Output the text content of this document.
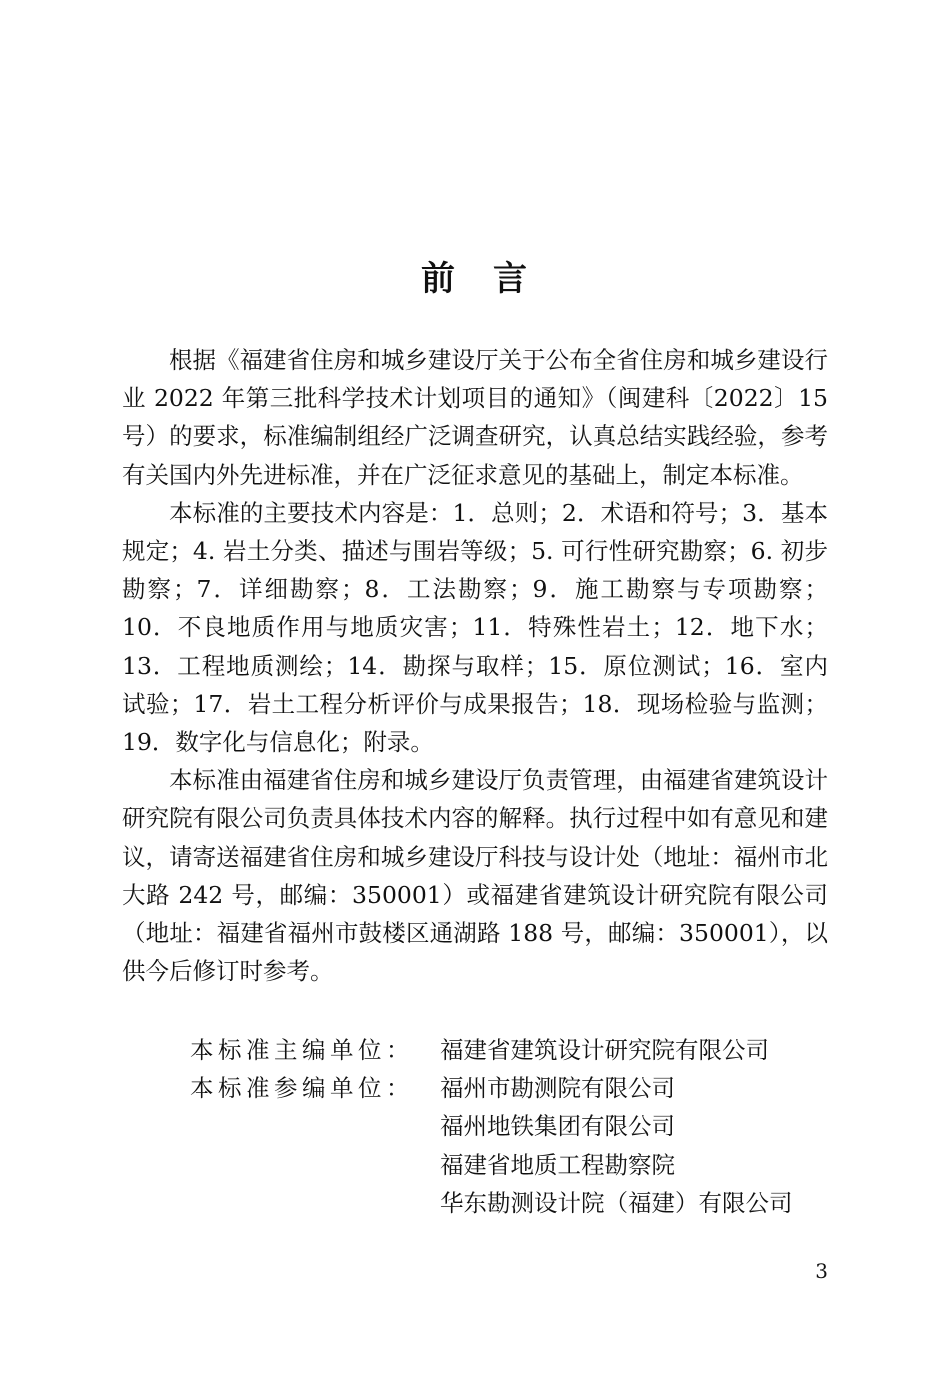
前　言

根据《福建省住房和城乡建设厅关于公布全省住房和城乡建设行业 2022 年第三批科学技术计划项目的通知》（闽建科〔2022〕15 号）的要求，标准编制组经广泛调查研究，认真总结实践经验，参考有关国内外先进标准，并在广泛征求意见的基础上，制定本标准。

本标准的主要技术内容是：1．总则；2．术语和符号；3．基本规定；4. 岩土分类、描述与围岩等级；5. 可行性研究勘察；6. 初步勘察；7．详细勘察；8．工法勘察；9．施工勘察与专项勘察；10．不良地质作用与地质灾害；11．特殊性岩土；12．地下水；13．工程地质测绘；14．勘探与取样；15．原位测试；16．室内试验；17．岩土工程分析评价与成果报告；18．现场检验与监测；19．数字化与信息化；附录。

本标准由福建省住房和城乡建设厅负责管理，由福建省建筑设计研究院有限公司负责具体技术内容的解释。执行过程中如有意见和建议，请寄送福建省住房和城乡建设厅科技与设计处（地址：福州市北大路 242 号，邮编：350001）或福建省建筑设计研究院有限公司（地址：福建省福州市鼓楼区通湖路 188 号，邮编：350001），以供今后修订时参考。

本标准主编单位：	福建省建筑设计研究院有限公司
本标准参编单位：	福州市勘测院有限公司
福州地铁集团有限公司
福建省地质工程勘察院
华东勘测设计院（福建）有限公司
3
